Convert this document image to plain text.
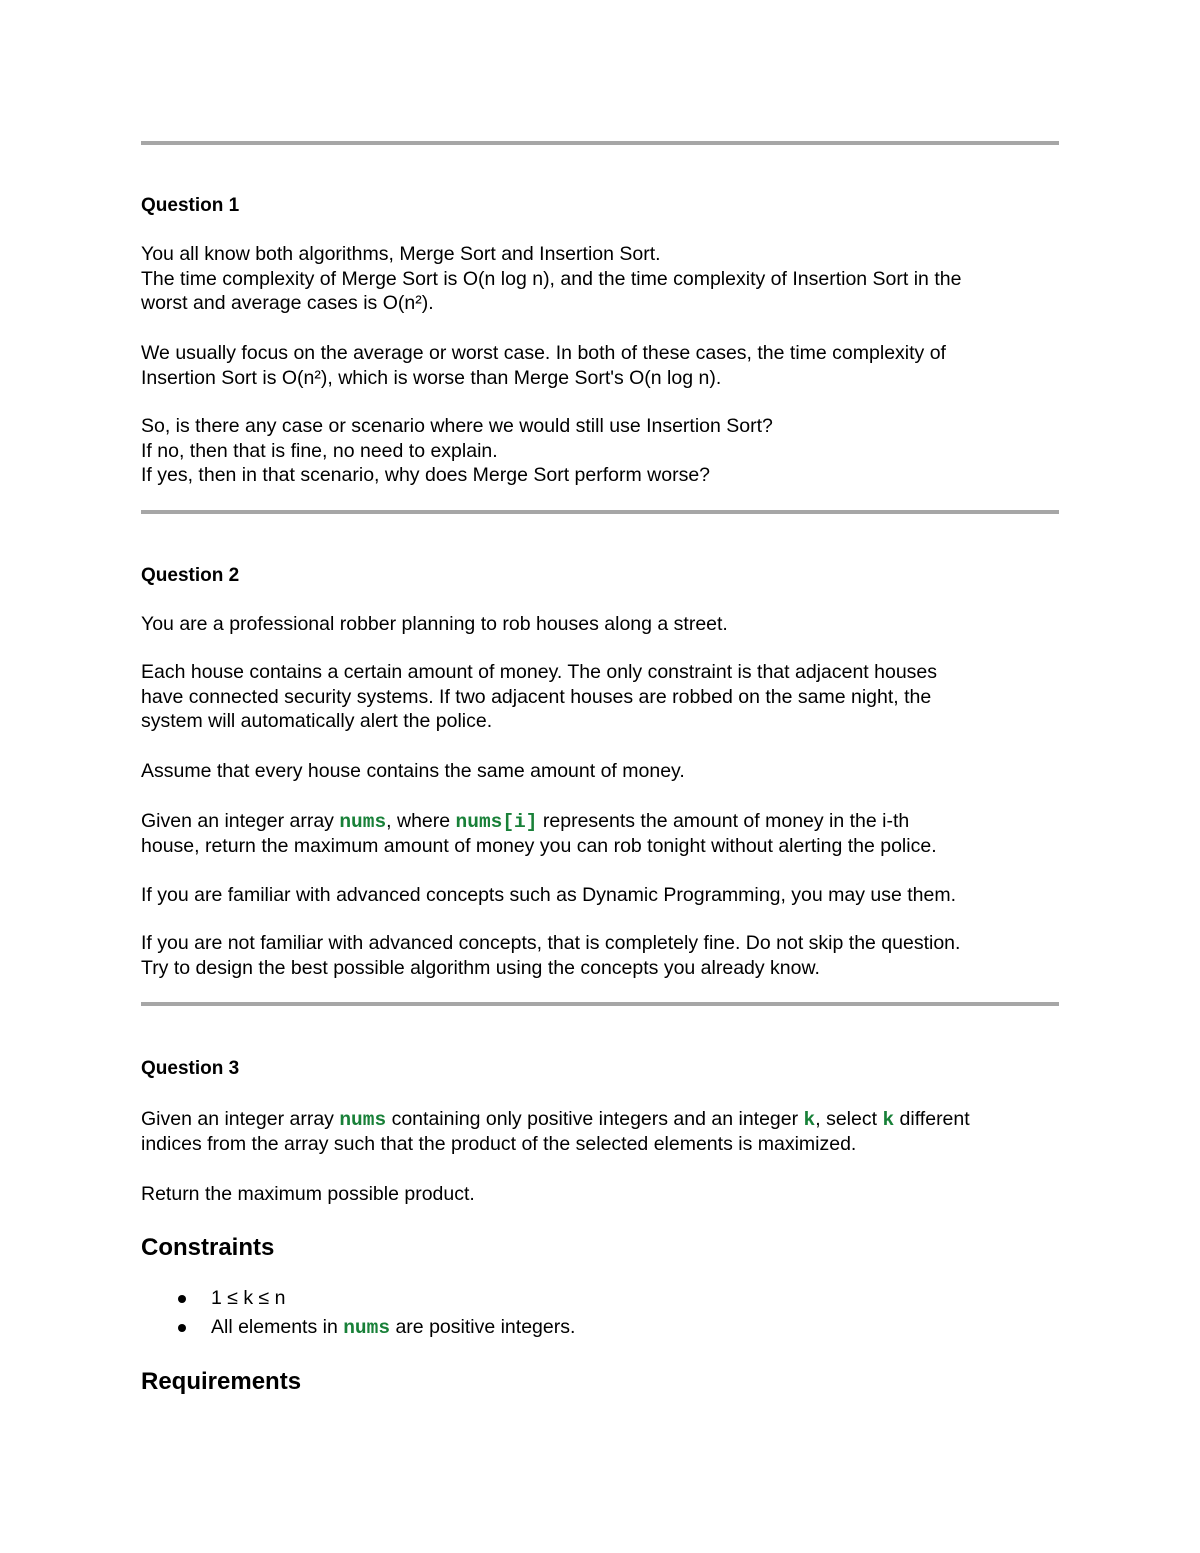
Question 1
You all know both algorithms, Merge Sort and Insertion Sort.
The time complexity of Merge Sort is O(n log n), and the time complexity of Insertion Sort in the
worst and average cases is O(n²).
We usually focus on the average or worst case. In both of these cases, the time complexity of
Insertion Sort is O(n²), which is worse than Merge Sort's O(n log n).
So, is there any case or scenario where we would still use Insertion Sort?
If no, then that is fine, no need to explain.
If yes, then in that scenario, why does Merge Sort perform worse?
Question 2
You are a professional robber planning to rob houses along a street.
Each house contains a certain amount of money. The only constraint is that adjacent houses
have connected security systems. If two adjacent houses are robbed on the same night, the
system will automatically alert the police.
Assume that every house contains the same amount of money.
Given an integer array nums, where nums[i] represents the amount of money in the i-th
house, return the maximum amount of money you can rob tonight without alerting the police.
If you are familiar with advanced concepts such as Dynamic Programming, you may use them.
If you are not familiar with advanced concepts, that is completely fine. Do not skip the question.
Try to design the best possible algorithm using the concepts you already know.
Question 3
Given an integer array nums containing only positive integers and an integer k, select k different
indices from the array such that the product of the selected elements is maximized.
Return the maximum possible product.
Constraints
1 ≤ k ≤ n
All elements in nums are positive integers.
Requirements
